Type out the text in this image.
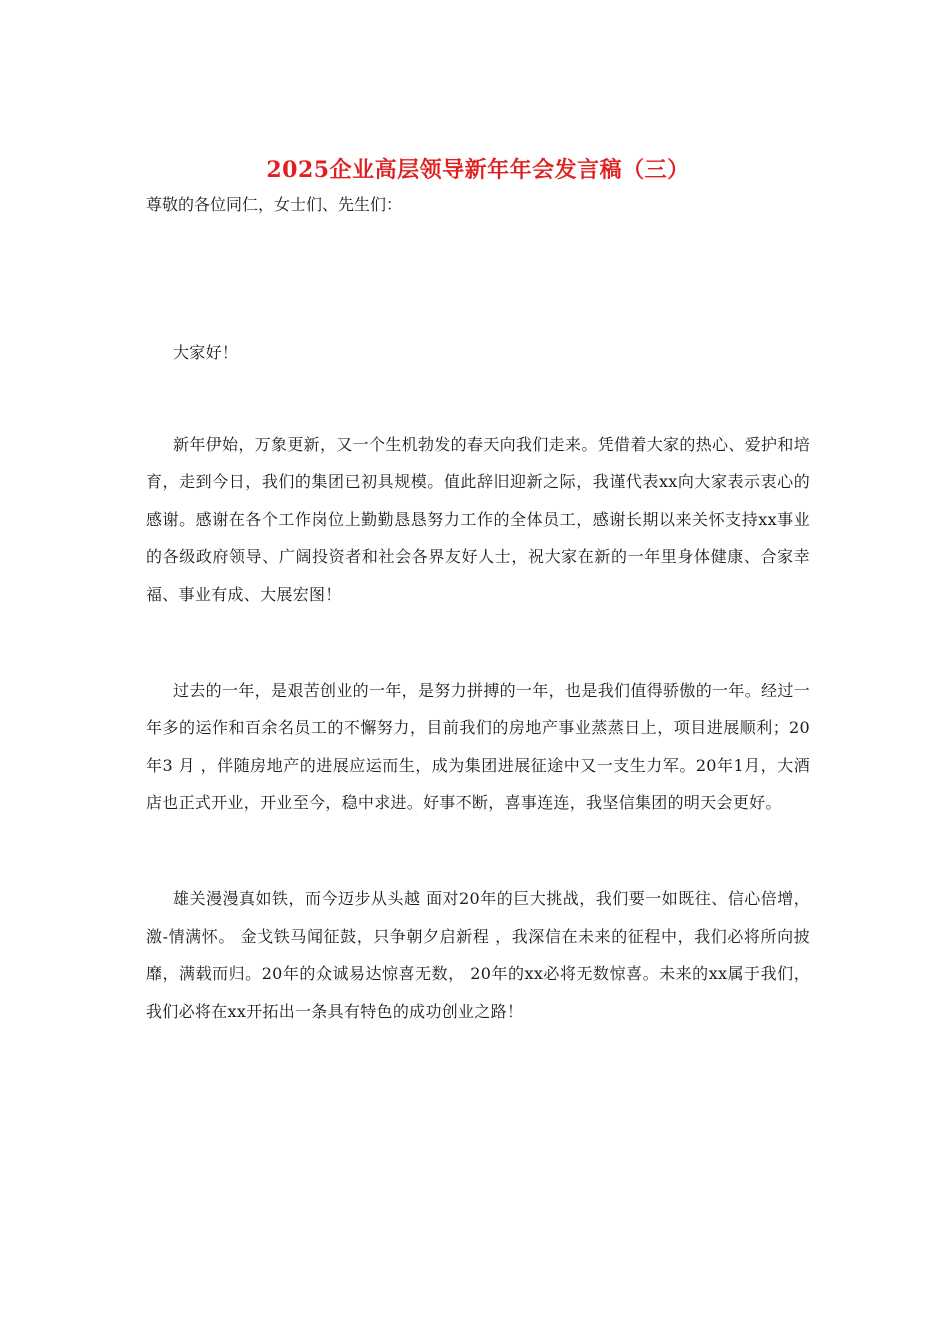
2025企业高层领导新年年会发言稿（三）

尊敬的各位同仁，女士们、先生们：

大家好！

新年伊始，万象更新，又一个生机勃发的春天向我们走来。凭借着大家的热心、爱护和培育，走到今日，我们的集团已初具规模。值此辞旧迎新之际，我谨代表xx向大家表示衷心的感谢。感谢在各个工作岗位上勤勤恳恳努力工作的全体员工，感谢长期以来关怀支持xx事业的各级政府领导、广阔投资者和社会各界友好人士，祝大家在新的一年里身体健康、合家幸福、事业有成、大展宏图！

过去的一年，是艰苦创业的一年，是努力拼搏的一年，也是我们值得骄傲的一年。经过一年多的运作和百余名员工的不懈努力，目前我们的房地产事业蒸蒸日上，项目进展顺利；20年3 月 ，伴随房地产的进展应运而生，成为集团进展征途中又一支生力军。20年1月，大酒店也正式开业，开业至今，稳中求进。好事不断，喜事连连，我坚信集团的明天会更好。

雄关漫漫真如铁，而今迈步从头越 面对20年的巨大挑战，我们要一如既往、信心倍增，激-情满怀。 金戈铁马闻征鼓，只争朝夕启新程 ，我深信在未来的征程中，我们必将所向披靡，满载而归。20年的众诚易达惊喜无数， 20年的xx必将无数惊喜。未来的xx属于我们，我们必将在xx开拓出一条具有特色的成功创业之路！
